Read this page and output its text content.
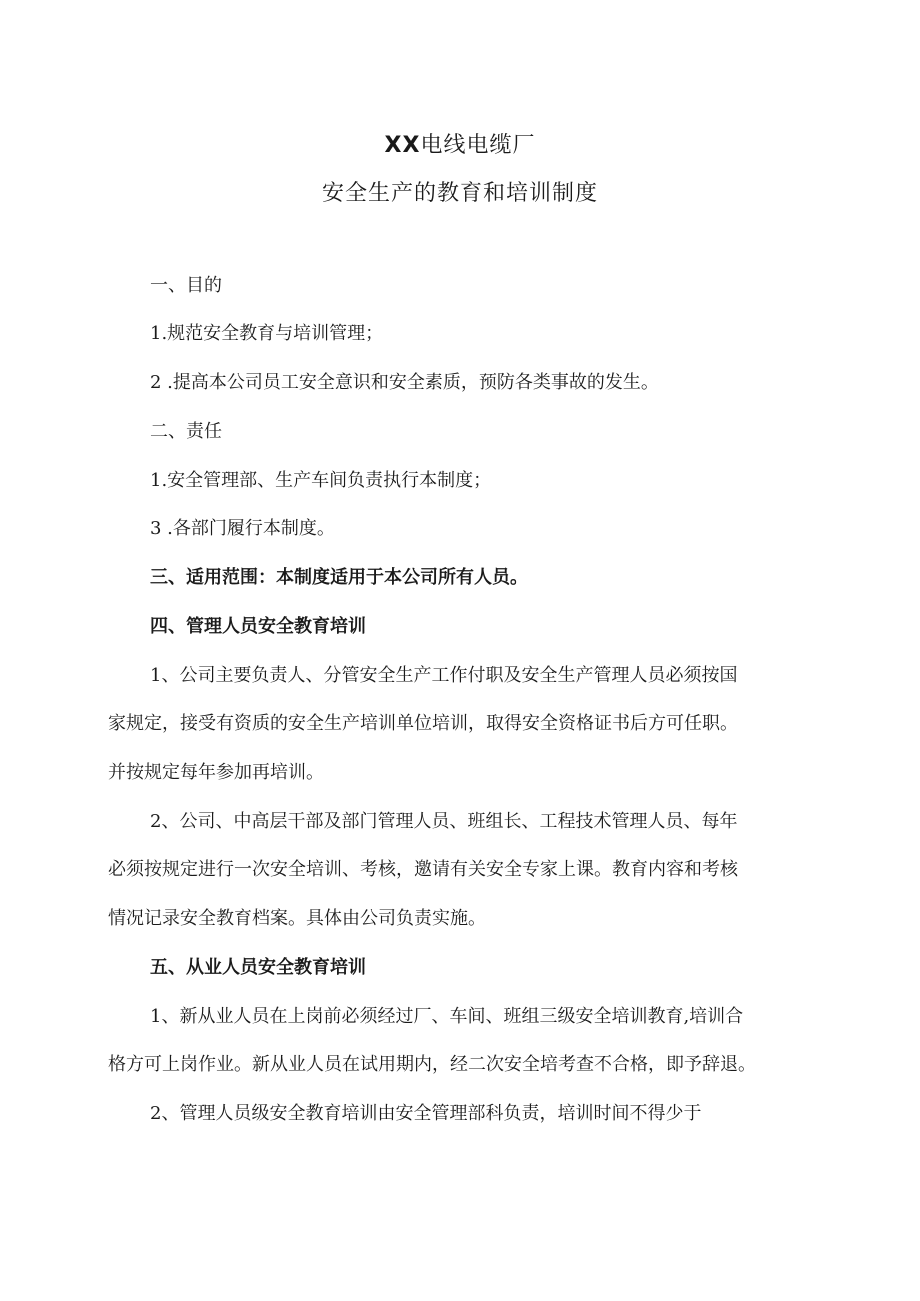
XX电线电缆厂
安全生产的教育和培训制度
一、目的
1.规范安全教育与培训管理；
2 .提高本公司员工安全意识和安全素质，预防各类事故的发生。
二、责任
1.安全管理部、生产车间负责执行本制度；
3 .各部门履行本制度。
三、适用范围：本制度适用于本公司所有人员。
四、管理人员安全教育培训
1、公司主要负责人、分管安全生产工作付职及安全生产管理人员必须按国
家规定，接受有资质的安全生产培训单位培训，取得安全资格证书后方可任职。
并按规定每年参加再培训。
2、公司、中高层干部及部门管理人员、班组长、工程技术管理人员、每年
必须按规定进行一次安全培训、考核，邀请有关安全专家上课。教育内容和考核
情况记录安全教育档案。具体由公司负责实施。
五、从业人员安全教育培训
1、新从业人员在上岗前必须经过厂、车间、班组三级安全培训教育,培训合
格方可上岗作业。新从业人员在试用期内，经二次安全培考查不合格，即予辞退。
2、管理人员级安全教育培训由安全管理部科负责，培训时间不得少于
